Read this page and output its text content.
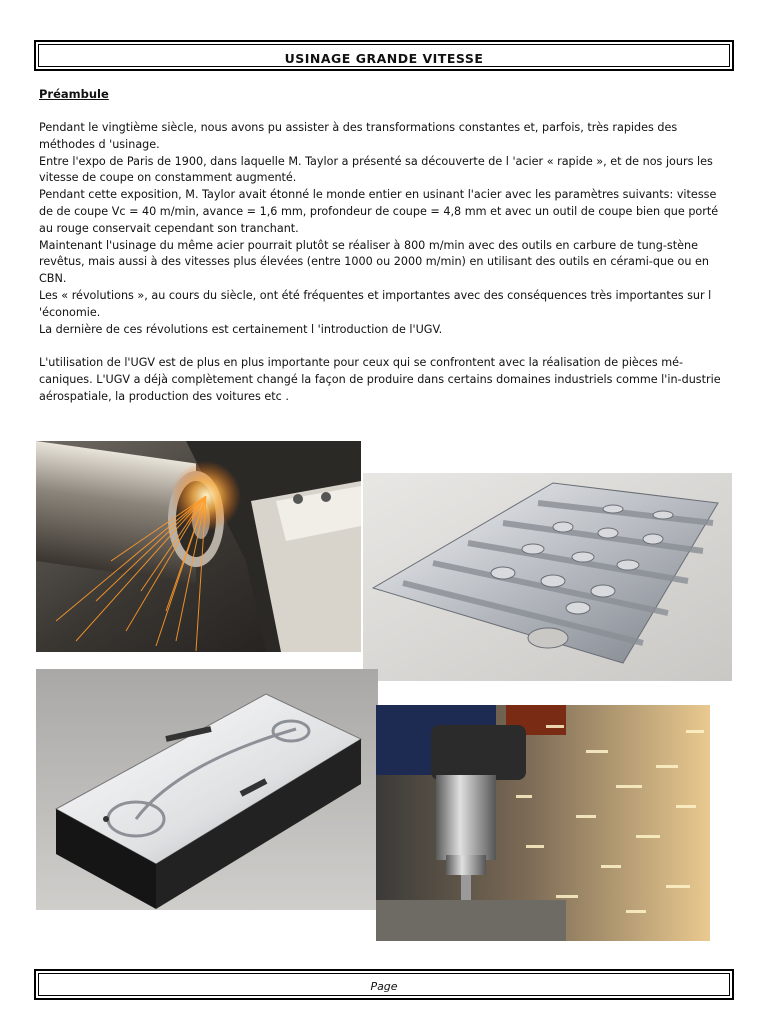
USINAGE GRANDE VITESSE
Préambule

Pendant le vingtième siècle, nous avons pu assister à des transformations constantes et, parfois, très rapides des méthodes d 'usinage.

Entre l'expo de Paris de 1900, dans laquelle M. Taylor a présenté sa découverte de l 'acier « rapide », et de nos jours les vitesse de coupe on constamment augmenté.

Pendant cette exposition, M. Taylor avait étonné le monde entier en usinant l'acier avec les paramètres suivants: vitesse de de coupe Vc = 40 m/min, avance = 1,6 mm, profondeur de coupe = 4,8 mm et avec un outil de coupe bien que porté au rouge conservait cependant son tranchant.

Maintenant l'usinage du même acier pourrait plutôt se réaliser à 800 m/min avec des outils en carbure de tung-stène revêtus, mais aussi à des vitesses plus élevées (entre 1000 ou 2000 m/min) en utilisant des outils en cérami-que ou en CBN.

Les « révolutions », au cours du siècle, ont été fréquentes et importantes avec des conséquences très importantes sur l 'économie.

La dernière de ces révolutions est certainement l 'introduction de l'UGV.

L'utilisation de l'UGV est de plus en plus importante pour ceux qui se confrontent avec la réalisation de pièces mé-caniques. L'UGV a déjà complètement changé la façon de produire dans certains domaines industriels comme l'in-dustrie aérospatiale, la production des voitures etc .

Page
